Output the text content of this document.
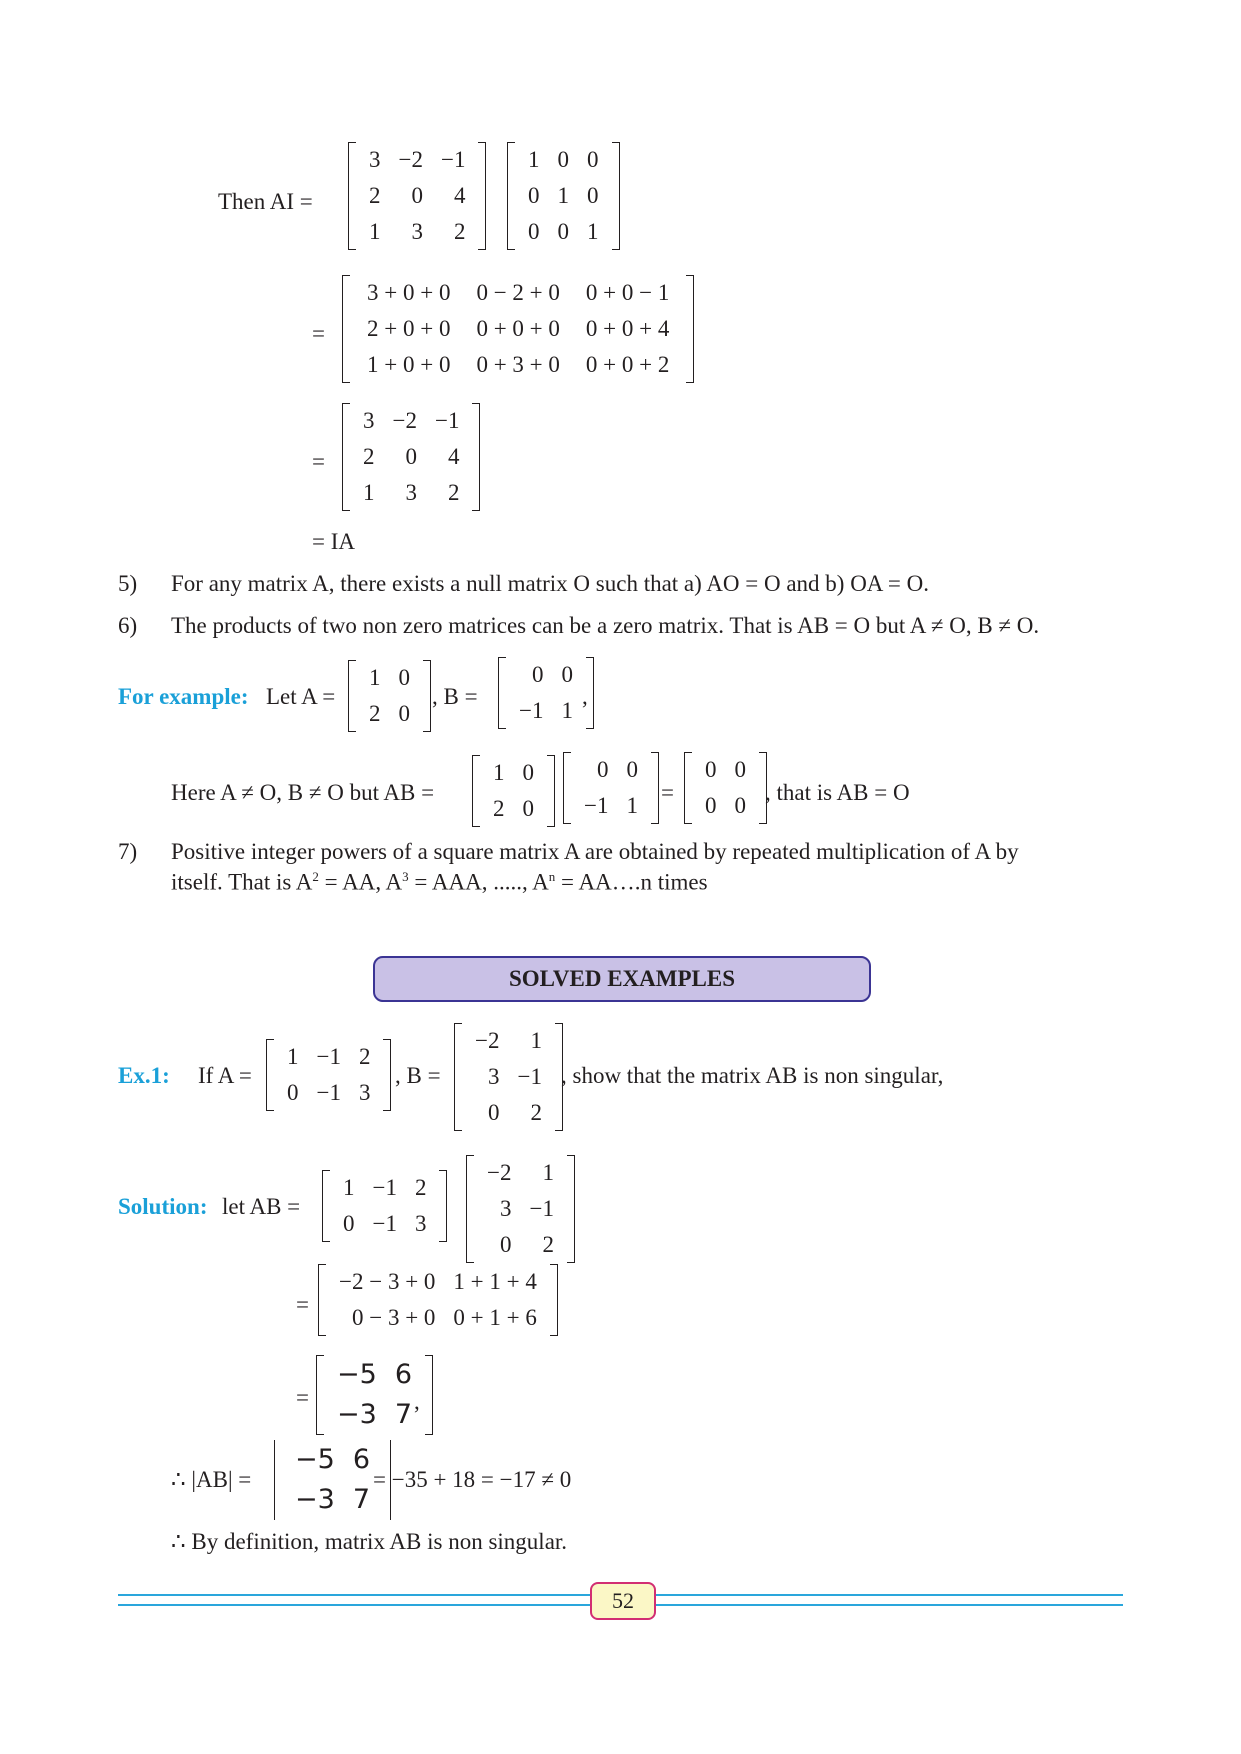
Then AI =
3	−2	−1
2	0	4
1	3	2
1	0	0
0	1	0
0	0	1
=
3 + 0 + 0	0 − 2 + 0	0 + 0 − 1
2 + 0 + 0	0 + 0 + 0	0 + 0 + 4
1 + 0 + 0	0 + 3 + 0	0 + 0 + 2
=
3	−2	−1
2	0	4
1	3	2
= IA
5) For any matrix A, there exists a null matrix O such that a) AO = O and b) OA = O.
6) The products of two non zero matrices can be a zero matrix. That is AB = O but A ≠ O, B ≠ O.
For example: Let A =
1	0
2	0
, B =
0	0
−1	1
,
Here A ≠ O, B ≠ O but AB =
1	0
2	0
0	0
−1	1
=
0	0
0	0
, that is AB = O
7) Positive integer powers of a square matrix A are obtained by repeated multiplication of A by
itself. That is $A^2$ = AA, $A^3$ = AAA, ....., $A^n$ = AA….n times
SOLVED EXAMPLES
Ex.1: If A =
1	−1	2
0	−1	3
, B =
−2	1
3	−1
0	2
, show that the matrix AB is non singular,
Solution: let AB =
1	−1	2
0	−1	3
−2	1
3	−1
0	2
=
−2 − 3 + 0	1 + 1 + 4
0 − 3 + 0	0 + 1 + 6
=
−5	6
−3	7 ,
∴ |AB| =
−5	6
−3	7
= −35 + 18 = −17 ≠ 0
∴ By definition, matrix AB is non singular.
52
